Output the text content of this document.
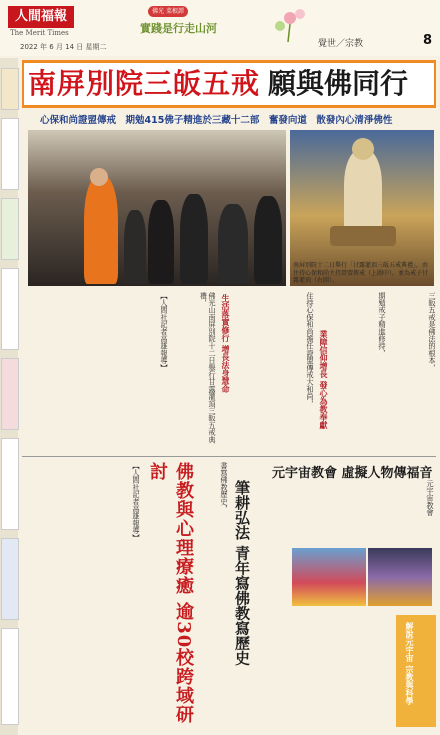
人間福報
The Merit Times
2022 年 6 月 14 日 星期二
佛光 菜根譚
實踐是行走山河
覺世／宗教	8
南屏別院三皈五戒 願與佛同行
心保和尚證盟傳戒　期勉415佛子精進於三藏十二部　奮發向道　散發內心清淨佛性
南屏別院十二日舉行「甘露灌頂三皈五戒典禮」，由住持心保和尚主持證盟傳戒（上圖中）。並為戒子甘露灌頂（右圖）。
【人間社記者高雄報導】	佛光山南屏別院十二日舉行甘露灌頂三皈五戒典禮，	生活落實修行 增長法身慧命	住持心保和尚擔任證盟傳戒大和尚， 業障信仰增長 發心為教奉獻
期勉戒子精進修持，	三皈五戒是佛法的根本，
【人間社記者高雄報導】	佛教與心理療癒 逾30校跨域研討	書寫佛教歷史， 筆耕弘法 青年寫佛教寫歷史
元宇宙教會 虛擬人物傳福音
元宇宙教會
解說元宇宙 宗教與科學
